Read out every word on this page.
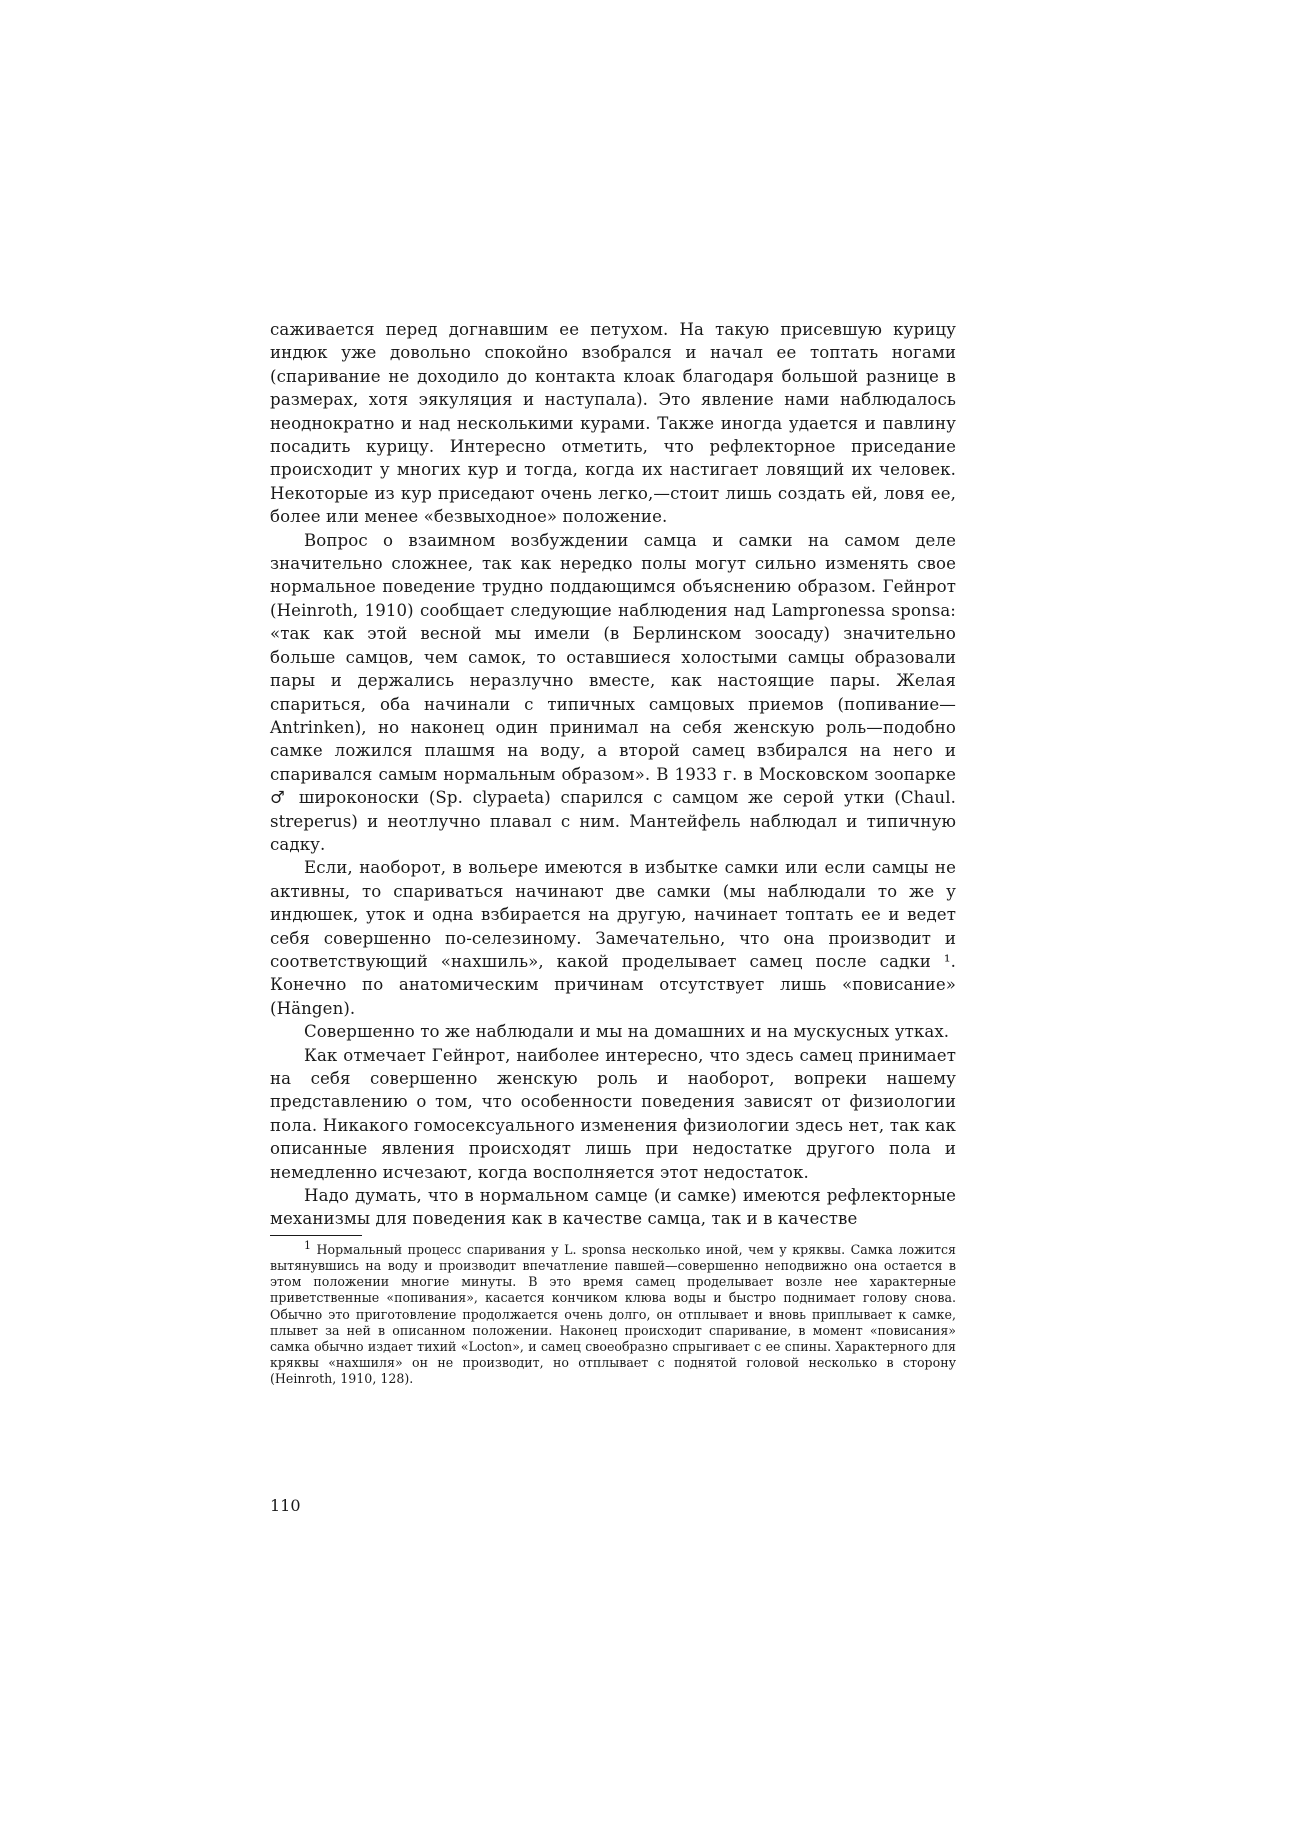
саживается перед догнавшим ее петухом. На такую присевшую курицу индюк уже довольно спокойно взобрался и начал ее топтать ногами (спаривание не доходило до контакта клоак благодаря большой разнице в размерах, хотя эякуляция и наступала). Это явление нами наблюдалось неоднократно и над несколькими курами. Также иногда удается и павлину посадить курицу. Интересно отметить, что рефлекторное приседание происходит у многих кур и тогда, когда их настигает ловящий их человек. Некоторые из кур приседают очень легко,—стоит лишь создать ей, ловя ее, более или менее «безвыходное» положение.

Вопрос о взаимном возбуждении самца и самки на самом деле значительно сложнее, так как нередко полы могут сильно изменять свое нормальное поведение трудно поддающимся объяснению образом. Гейнрот (Heinroth, 1910) сообщает следующие наблюдения над Lampronessa sponsa: «так как этой весной мы имели (в Берлинском зоосаду) значительно больше самцов, чем самок, то оставшиеся холостыми самцы образовали пары и держались неразлучно вместе, как настоящие пары. Желая спариться, оба начинали с типичных самцовых приемов (попивание—Antrinken), но наконец один принимал на себя женскую роль—подобно самке ложился плашмя на воду, а второй самец взбирался на него и спаривался самым нормальным образом». В 1933 г. в Московском зоопарке ♂ широконоски (Sp. clypaeta) спарился с самцом же серой утки (Chaul. streperus) и неотлучно плавал с ним. Мантейфель наблюдал и типичную садку.

Если, наоборот, в вольере имеются в избытке самки или если самцы не активны, то спариваться начинают две самки (мы наблюдали то же у индюшек, уток и одна взбирается на другую, начинает топтать ее и ведет себя совершенно по-селезиному. Замечательно, что она производит и соответствующий «нахшиль», какой проделывает самец после садки ¹. Конечно по анатомическим причинам отсутствует лишь «повисание» (Hängen).

Совершенно то же наблюдали и мы на домашних и на мускусных утках.

Как отмечает Гейнрот, наиболее интересно, что здесь самец принимает на себя совершенно женскую роль и наоборот, вопреки нашему представлению о том, что особенности поведения зависят от физиологии пола. Никакого гомосексуального изменения физиологии здесь нет, так как описанные явления происходят лишь при недостатке другого пола и немедленно исчезают, когда восполняется этот недостаток.

Надо думать, что в нормальном самце (и самке) имеются рефлекторные механизмы для поведения как в качестве самца, так и в качестве

1 Нормальный процесс спаривания у L. sponsa несколько иной, чем у кряквы. Самка ложится вытянувшись на воду и производит впечатление павшей—совершенно неподвижно она остается в этом положении многие минуты. В это время самец проделывает возле нее характерные приветственные «попивания», касается кончиком клюва воды и быстро поднимает голову снова. Обычно это приготовление продолжается очень долго, он отплывает и вновь приплывает к самке, плывет за ней в описанном положении. Наконец происходит спаривание, в момент «повисания» самка обычно издает тихий «Locton», и самец своеобразно спрыгивает с ее спины. Характерного для кряквы «нахшиля» он не производит, но отплывает с поднятой головой несколько в сторону (Heinroth, 1910, 128).

110
